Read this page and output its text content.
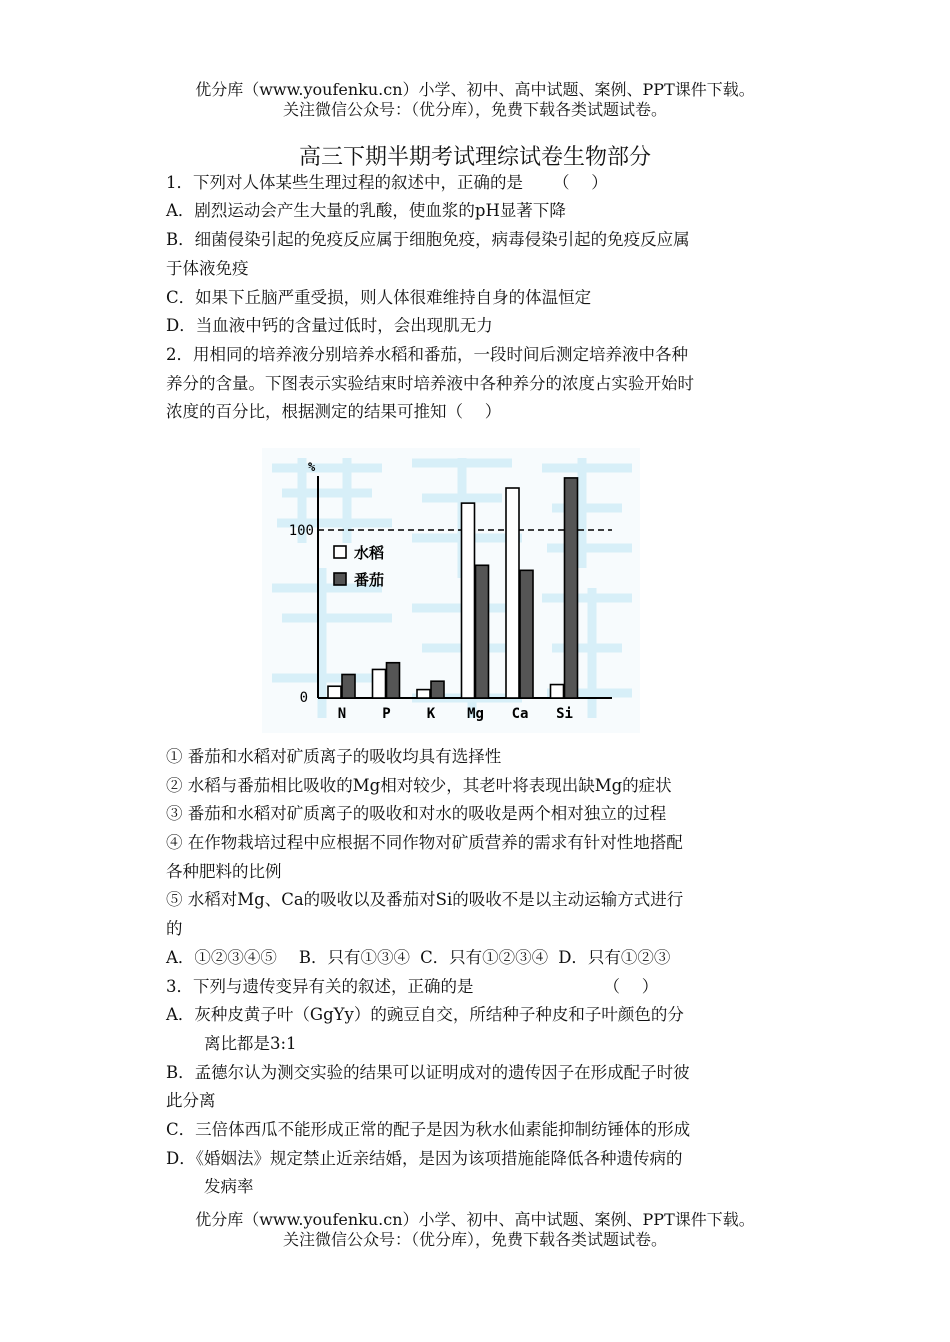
优分库（www.youfenku.cn）小学、初中、高中试题、案例、PPT课件下载。
关注微信公众号：（优分库），免费下载各类试题试卷。
高三下期半期考试理综试卷生物部分
1．下列对人体某些生理过程的叙述中，正确的是 （　 ）
A．剧烈运动会产生大量的乳酸，使血浆的pH显著下降
B．细菌侵染引起的免疫反应属于细胞免疫，病毒侵染引起的免疫反应属
于体液免疫
C．如果下丘脑严重受损，则人体很难维持自身的体温恒定
D．当血液中钙的含量过低时，会出现肌无力
2．用相同的培养液分别培养水稻和番茄，一段时间后测定培养液中各种
养分的含量。下图表示实验结束时培养液中各种养分的浓度占实验开始时
浓度的百分比，根据测定的结果可推知（　 ）
%
100
0
N	P	K Mg Ca Si
水稻
番茄
① 番茄和水稻对矿质离子的吸收均具有选择性
② 水稻与番茄相比吸收的Mg相对较少，其老叶将表现出缺Mg的症状
③ 番茄和水稻对矿质离子的吸收和对水的吸收是两个相对独立的过程
④ 在作物栽培过程中应根据不同作物对矿质营养的需求有针对性地搭配
各种肥料的比例
⑤ 水稻对Mg、Ca的吸收以及番茄对Si的吸收不是以主动运输方式进行
的
A．①②③④⑤ B．只有①③④ C．只有①②③④ D．只有①②③
3．下列与遗传变异有关的叙述，正确的是	（　 ）
A．灰种皮黄子叶（GgYy）的豌豆自交，所结种子种皮和子叶颜色的分
离比都是3:1
B．孟德尔认为测交实验的结果可以证明成对的遗传因子在形成配子时彼
此分离
C．三倍体西瓜不能形成正常的配子是因为秋水仙素能抑制纺锤体的形成
D．《婚姻法》规定禁止近亲结婚，是因为该项措施能降低各种遗传病的
发病率
优分库（www.youfenku.cn）小学、初中、高中试题、案例、PPT课件下载。
关注微信公众号：（优分库），免费下载各类试题试卷。
